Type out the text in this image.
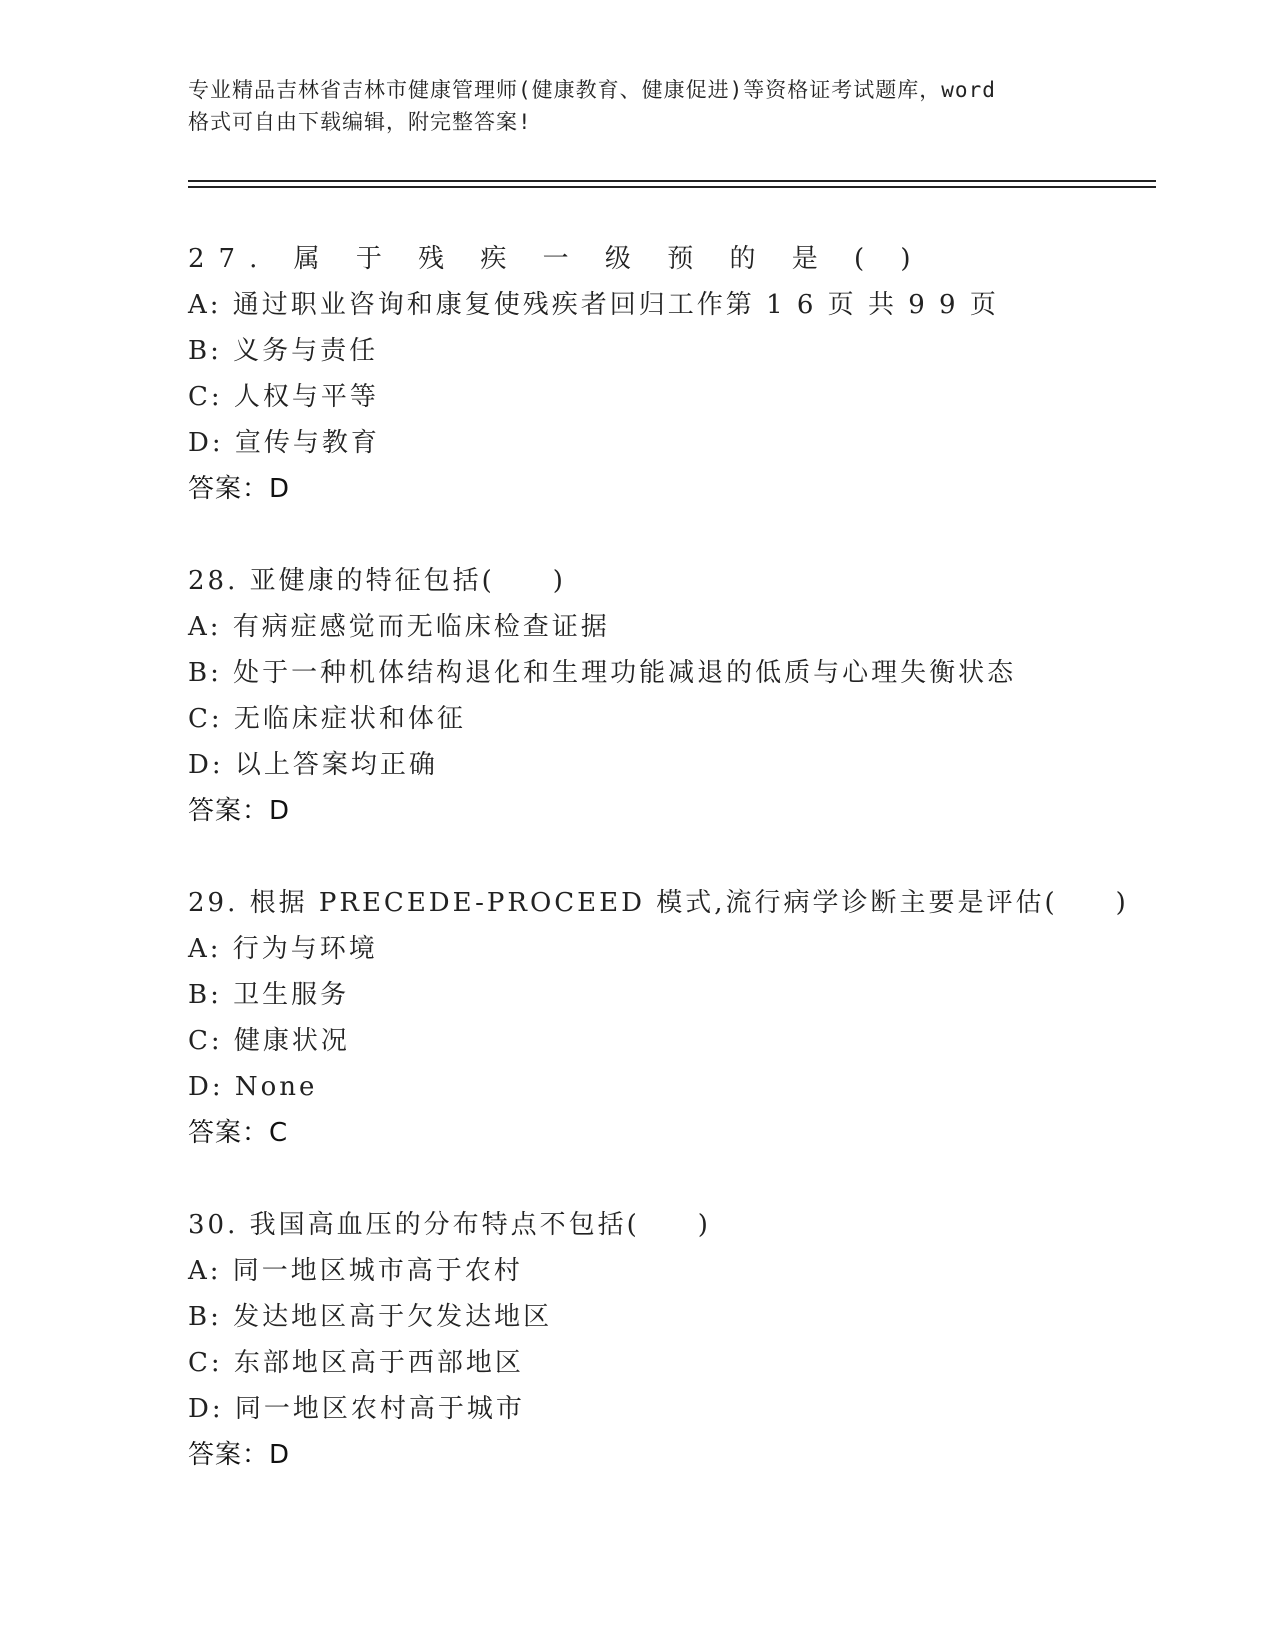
专业精品吉林省吉林市健康管理师(健康教育、健康促进)等资格证考试题库，word
格式可自由下载编辑，附完整答案!
27. 属 于 残 疾 一 级 预 的 是 ( )
A: 通过职业咨询和康复使残疾者回归工作第 1 6 页 共 9 9 页
B: 义务与责任
C: 人权与平等
D: 宣传与教育
答案：D
28. 亚健康的特征包括(　　)
A: 有病症感觉而无临床检查证据
B: 处于一种机体结构退化和生理功能减退的低质与心理失衡状态
C: 无临床症状和体征
D: 以上答案均正确
答案：D
29. 根据 PRECEDE-PROCEED 模式,流行病学诊断主要是评估(　　)
A: 行为与环境
B: 卫生服务
C: 健康状况
D: None
答案：C
30. 我国高血压的分布特点不包括(　　)
A: 同一地区城市高于农村
B: 发达地区高于欠发达地区
C: 东部地区高于西部地区
D: 同一地区农村高于城市
答案：D
